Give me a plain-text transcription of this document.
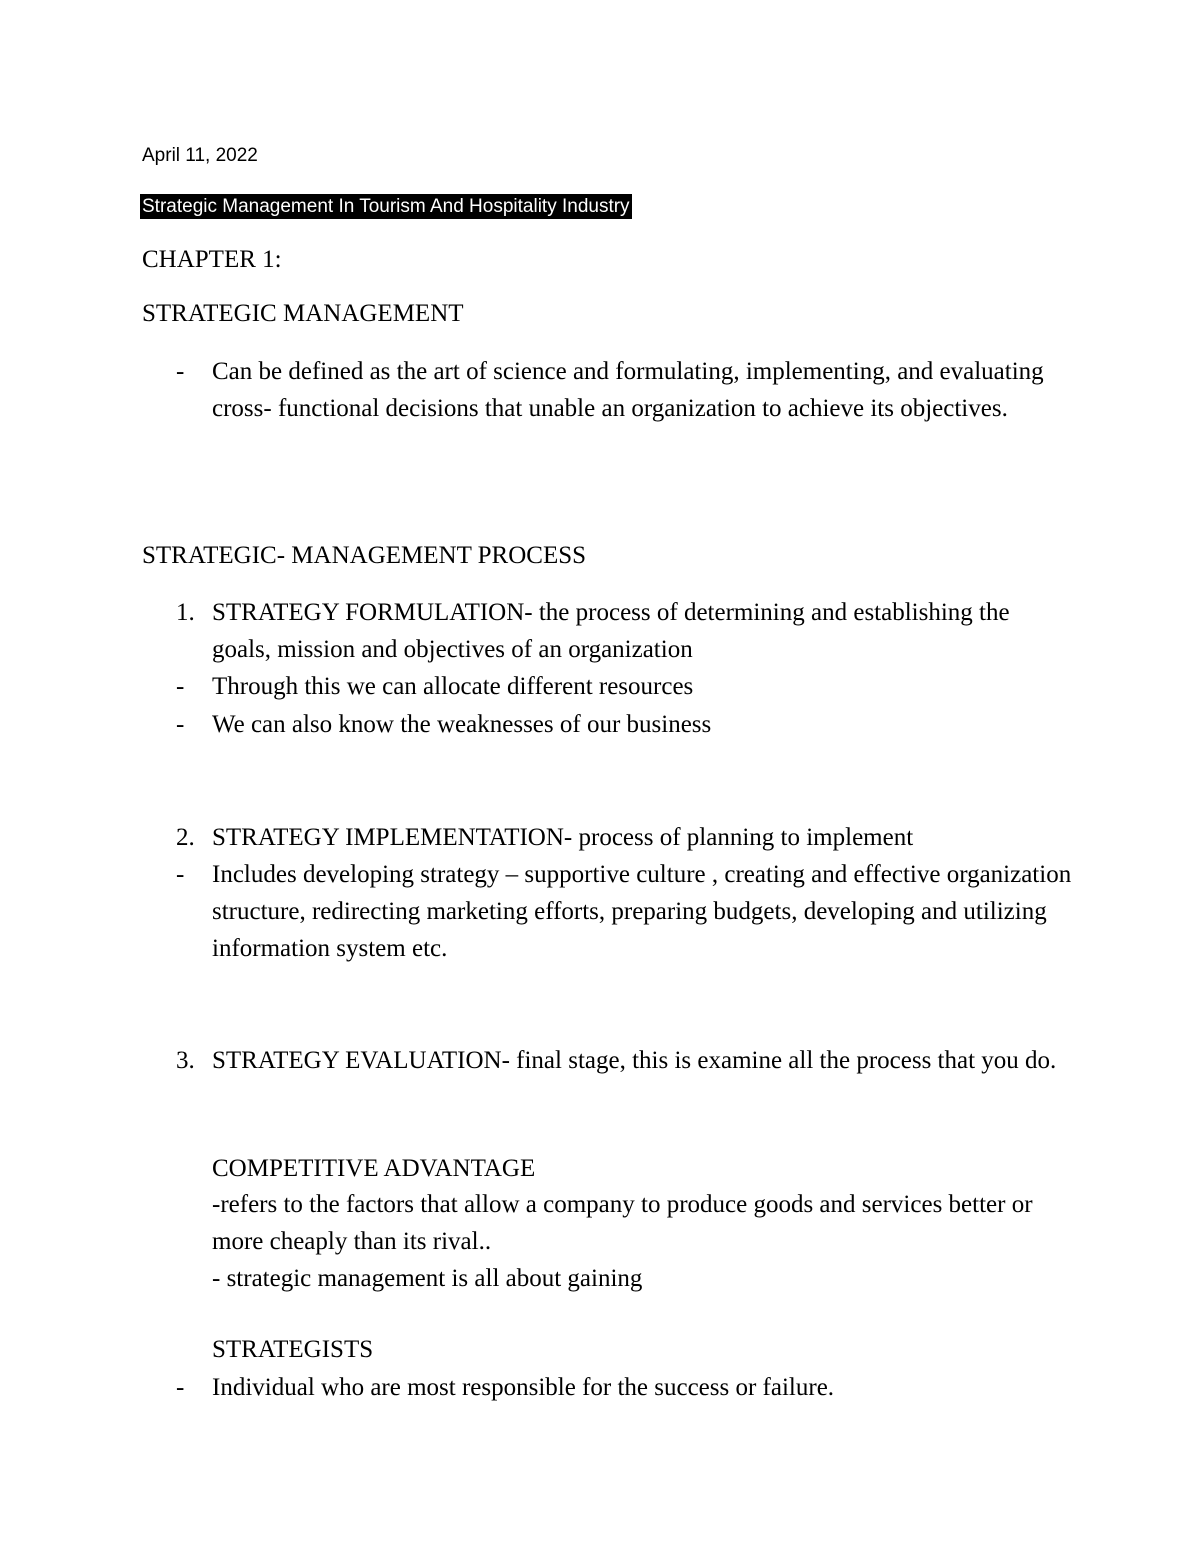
April 11, 2022
Strategic Management In Tourism And Hospitality Industry
CHAPTER 1:
STRATEGIC MANAGEMENT
-	Can be defined as the art of science and formulating, implementing, and evaluating cross- functional decisions that unable an organization to achieve its objectives.
STRATEGIC- MANAGEMENT PROCESS
1. STRATEGY FORMULATION- the process of determining and establishing the goals, mission and objectives of an organization
-	Through this we can allocate different resources
-	We can also know the weaknesses of our business
2. STRATEGY IMPLEMENTATION- process of planning to implement
-	Includes developing strategy – supportive culture , creating and effective organization structure, redirecting marketing efforts, preparing budgets, developing and utilizing information system etc.
3. STRATEGY EVALUATION- final stage, this is examine all the process that you do.
COMPETITIVE ADVANTAGE
-refers to the factors that allow a company to produce goods and services better or more cheaply than its rival..
- strategic management is all about gaining
STRATEGISTS
-	Individual who are most responsible for the success or failure.
